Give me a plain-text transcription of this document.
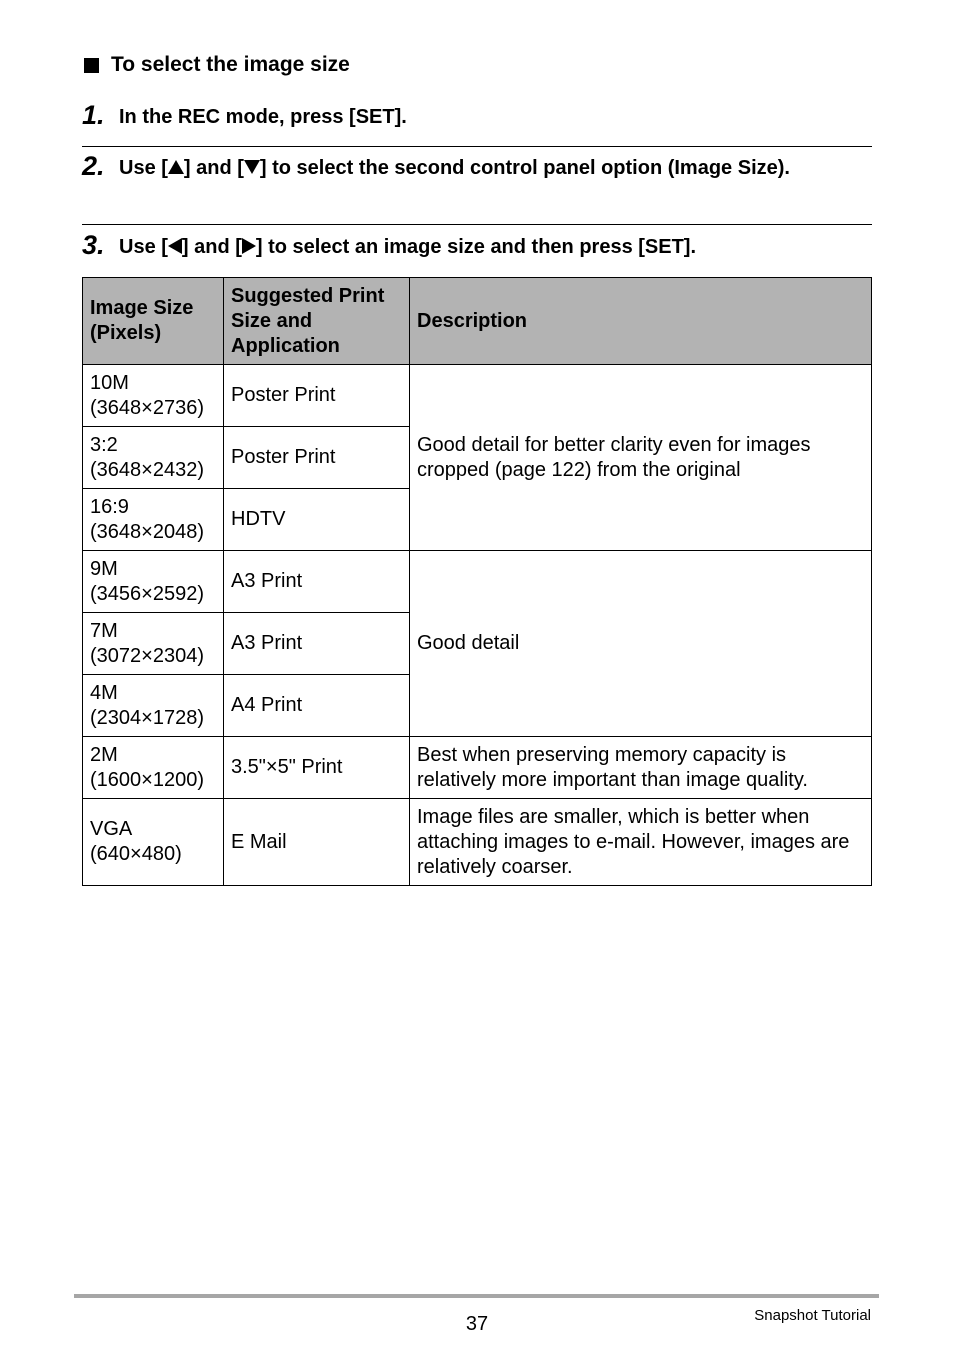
To select the image size
1. In the REC mode, press [SET].
2. Use [ ] and [ ] to select the second control panel option (Image Size).
3. Use [ ] and [ ] to select an image size and then press [SET].
Image Size (Pixels)	Suggested Print Size and Application	Description
10M
(3648×2736)	Poster Print	Good detail for better clarity even for images cropped (page 122) from the original
3:2
(3648×2432)	Poster Print	
16:9
(3648×2048)	HDTV	
9M
(3456×2592)	A3 Print	Good detail
7M
(3072×2304)	A3 Print	
4M
(2304×1728)	A4 Print	
2M
(1600×1200)	3.5"×5" Print	Best when preserving memory capacity is relatively more important than image quality.
VGA
(640×480)	E Mail	Image files are smaller, which is better when attaching images to e-mail. However, images are relatively coarser.
37	Snapshot Tutorial
